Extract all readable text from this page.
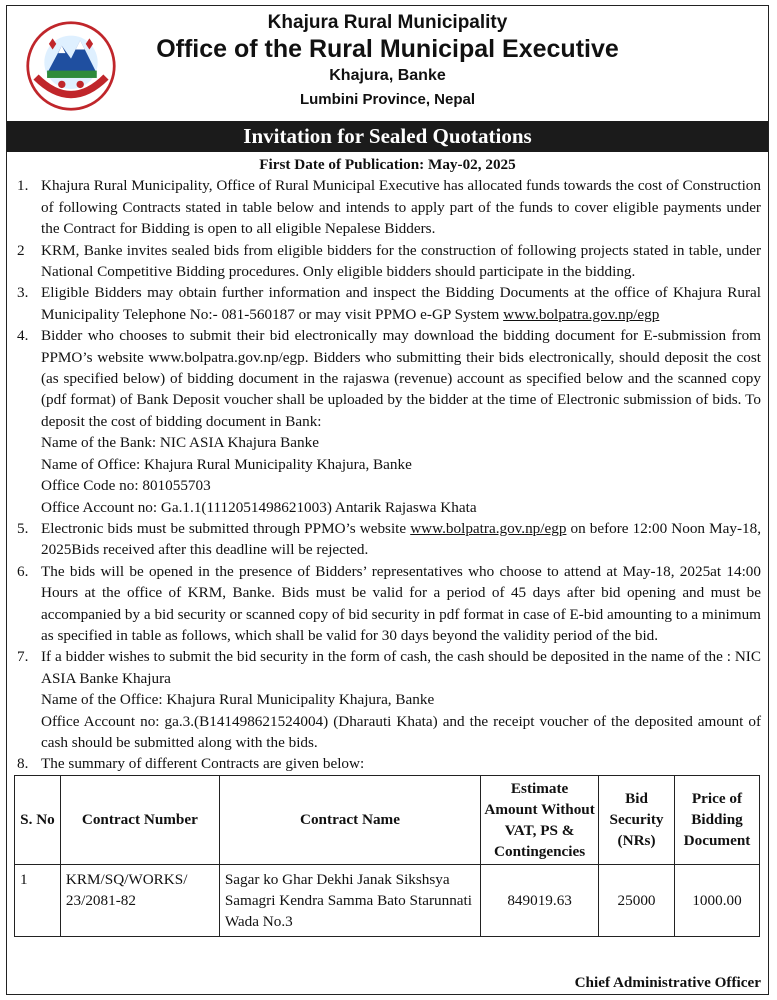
Khajura Rural Municipality
Office of the Rural Municipal Executive
Khajura, Banke
Lumbini Province, Nepal
Invitation for Sealed Quotations
First Date of Publication: May-02, 2025
1. Khajura Rural Municipality, Office of Rural Municipal Executive has allocated funds towards the cost of Construction of following Contracts stated in table below and intends to apply part of the funds to cover eligible payments under the Contract for Bidding is open to all eligible Nepalese Bidders.
2 KRM, Banke invites sealed bids from eligible bidders for the construction of following projects stated in table, under National Competitive Bidding procedures. Only eligible bidders should participate in the bidding.
3. Eligible Bidders may obtain further information and inspect the Bidding Documents at the office of Khajura Rural Municipality Telephone No:- 081-560187 or may visit PPMO e-GP System www.bolpatra.gov.np/egp
4. Bidder who chooses to submit their bid electronically may download the bidding document for E-submission from PPMO’s website www.bolpatra.gov.np/egp. Bidders who submitting their bids electronically, should deposit the cost (as specified below) of bidding document in the rajaswa (revenue) account as specified below and the scanned copy (pdf format) of Bank Deposit voucher shall be uploaded by the bidder at the time of Electronic submission of bids. To deposit the cost of bidding document in Bank:
Name of the Bank: NIC ASIA Khajura Banke
Name of Office: Khajura Rural Municipality Khajura, Banke
Office Code no: 801055703
Office Account no: Ga.1.1(1112051498621003) Antarik Rajaswa Khata
5. Electronic bids must be submitted through PPMO’s website www.bolpatra.gov.np/egp on before 12:00 Noon May-18, 2025Bids received after this deadline will be rejected.
6. The bids will be opened in the presence of Bidders’ representatives who choose to attend at May-18, 2025at 14:00 Hours at the office of KRM, Banke. Bids must be valid for a period of 45 days after bid opening and must be accompanied by a bid security or scanned copy of bid security in pdf format in case of E-bid amounting to a minimum as specified in table as follows, which shall be valid for 30 days beyond the validity period of the bid.
7. If a bidder wishes to submit the bid security in the form of cash, the cash should be deposited in the name of the : NIC ASIA Banke Khajura
Name of the Office: Khajura Rural Municipality Khajura, Banke
Office Account no: ga.3.(B141498621524004) (Dharauti Khata) and the receipt voucher of the deposited amount of cash should be submitted along with the bids.
8. The summary of different Contracts are given below:
S. No	Contract Number	Contract Name	Estimate Amount Without VAT, PS & Contingencies	Bid Security (NRs)	Price of Bidding Document
1	KRM/SQ/WORKS/ 23/2081-82	Sagar ko Ghar Dekhi Janak Sikshsya Samagri Kendra Samma Bato Starunnati Wada No.3	849019.63	25000	1000.00
Chief Administrative Officer
